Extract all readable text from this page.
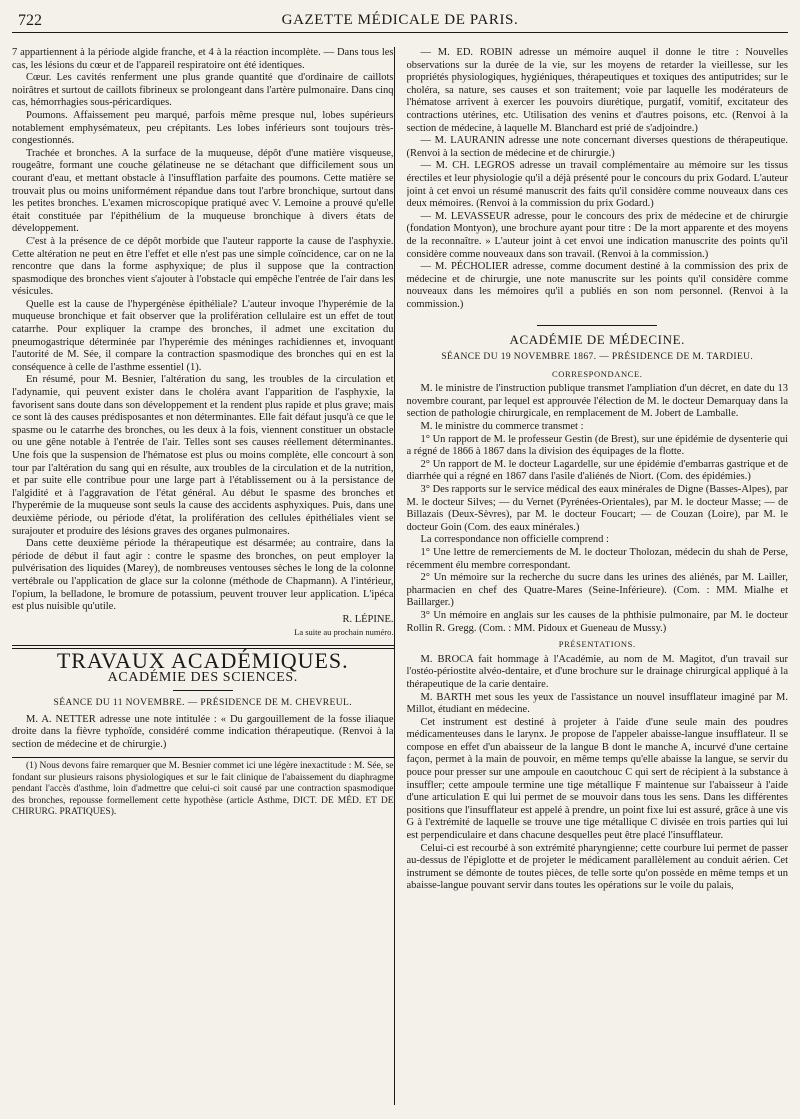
722	GAZETTE MÉDICALE DE PARIS.

7 appartiennent à la période algide franche, et 4 à la réaction incomplète. — Dans tous les cas, les lésions du cœur et de l'appareil respiratoire ont été identiques.

Cœur. Les cavités renferment une plus grande quantité que d'ordinaire de caillots noirâtres et surtout de caillots fibrineux se prolongeant dans l'artère pulmonaire. Dans cinq cas, hémorrhagies sous-péricardiques.

Poumons. Affaissement peu marqué, parfois même presque nul, lobes supérieurs notablement emphysémateux, peu crépitants. Les lobes inférieurs sont toujours très-congestionnés.

Trachée et bronches. A la surface de la muqueuse, dépôt d'une matière visqueuse, rougeâtre, formant une couche gélatineuse ne se détachant que difficilement sous un courant d'eau, et mettant obstacle à l'insufflation parfaite des poumons. Cette matière se trouvait plus ou moins uniformément répandue dans tout l'arbre bronchique, surtout dans les petites bronches. L'examen microscopique pratiqué avec V. Lemoine a prouvé qu'elle était constituée par l'épithélium de la muqueuse bronchique à divers états de développement.

C'est à la présence de ce dépôt morbide que l'auteur rapporte la cause de l'asphyxie. Cette altération ne peut en être l'effet et elle n'est pas une simple coïncidence, car on ne la rencontre que dans la forme asphyxique; de plus il suppose que la contraction spasmodique des bronches vient s'ajouter à l'obstacle qui empêche l'entrée de l'air dans les vésicules.

Quelle est la cause de l'hypergénèse épithéliale? L'auteur invoque l'hyperémie de la muqueuse bronchique et fait observer que la prolifération cellulaire est un effet de tout catarrhe. Pour expliquer la crampe des bronches, il admet une excitation du pneumogastrique déterminée par l'hyperémie des méninges rachidiennes et, invoquant l'autorité de M. Sée, il compare la contraction spasmodique des bronches qui en est la conséquence à celle de l'asthme essentiel (1).

En résumé, pour M. Besnier, l'altération du sang, les troubles de la circulation et l'adynamie, qui peuvent exister dans le choléra avant l'apparition de l'asphyxie, la favorisent sans doute dans son développement et la rendent plus rapide et plus grave; mais ce sont là des causes prédisposantes et non déterminantes. Elle fait défaut jusqu'à ce que le spasme ou le catarrhe des bronches, ou les deux à la fois, viennent constituer un obstacle ou une gêne notable à l'entrée de l'air. Telles sont ses causes réellement déterminantes. Une fois que la suspension de l'hématose est plus ou moins complète, elle concourt à son tour par l'altération du sang qui en résulte, aux troubles de la circulation et de la nutrition, et par suite elle contribue pour une large part à l'établissement ou à la persistance de l'algidité et à l'aggravation de l'état général. Au début le spasme des bronches et l'hyperémie de la muqueuse sont seuls la cause des accidents asphyxiques. Puis, dans une deuxième période, ou période d'état, la prolifération des cellules épithéliales vient se surajouter et produire des lésions graves des organes pulmonaires.

Dans cette deuxième période la thérapeutique est désarmée; au contraire, dans la période de début il faut agir : contre le spasme des bronches, on peut employer la pulvérisation des liquides (Marey), de nombreuses ventouses sèches le long de la colonne vertébrale ou l'application de glace sur la colonne (méthode de Chapmann). A l'intérieur, l'opium, la belladone, le bromure de potassium, peuvent trouver leur application. L'ipéca est plus nuisible qu'utile.

R. LÉPINE.

La suite au prochain numéro.

TRAVAUX ACADÉMIQUES.
ACADÉMIE DES SCIENCES.
SÉANCE DU 11 NOVEMBRE. — PRÉSIDENCE DE M. CHEVREUL.

M. A. NETTER adresse une note intitulée : « Du gargouillement de la fosse iliaque droite dans la fièvre typhoïde, considéré comme indication thérapeutique. (Renvoi à la section de médecine et de chirurgie.)

(1) Nous devons faire remarquer que M. Besnier commet ici une légère inexactitude : M. Sée, se fondant sur plusieurs raisons physiologiques et sur le fait clinique de l'abaissement du diaphragme pendant l'accès d'asthme, loin d'admettre que celui-ci soit causé par une contraction spasmodique des bronches, repousse formellement cette hypothèse (article Asthme, DICT. DE MÉD. ET DE CHIRURG. PRATIQUES).

— M. ED. ROBIN adresse un mémoire auquel il donne le titre : Nouvelles observations sur la durée de la vie, sur les moyens de retarder la vieillesse, sur les propriétés physiologiques, hygiéniques, thérapeutiques et toxiques des antiputrides; sur le choléra, sa nature, ses causes et son traitement; voie par laquelle les modérateurs de l'hématose arrivent à exercer les pouvoirs diurétique, purgatif, vomitif, excitateur des contractions utérines, etc. Utilisation des venins et d'autres poisons, etc. (Renvoi à la section de médecine, à laquelle M. Blanchard est prié de s'adjoindre.)

— M. LAURANIN adresse une note concernant diverses questions de thérapeutique. (Renvoi à la section de médecine et de chirurgie.)

— M. CH. LEGROS adresse un travail complémentaire au mémoire sur les tissus érectiles et leur physiologie qu'il a déjà présenté pour le concours du prix Godard. L'auteur joint à cet envoi un résumé manuscrit des faits qu'il considère comme nouveaux dans ces deux mémoires. (Renvoi à la commission du prix Godard.)

— M. LEVASSEUR adresse, pour le concours des prix de médecine et de chirurgie (fondation Montyon), une brochure ayant pour titre : De la mort apparente et des moyens de la reconnaître. » L'auteur joint à cet envoi une indication manuscrite des points qu'il considère comme nouveaux dans son travail. (Renvoi à la commission.)

— M. PÉCHOLIER adresse, comme document destiné à la commission des prix de médecine et de chirurgie, une note manuscrite sur les points qu'il considère comme nouveaux dans les mémoires qu'il a publiés en son nom personnel. (Renvoi à la commission.)

ACADÉMIE DE MÉDECINE.
SÉANCE DU 19 NOVEMBRE 1867. — PRÉSIDENCE DE M. TARDIEU.
CORRESPONDANCE.

M. le ministre de l'instruction publique transmet l'ampliation d'un décret, en date du 13 novembre courant, par lequel est approuvée l'élection de M. le docteur Demarquay dans la section de pathologie chirurgicale, en remplacement de M. Jobert de Lamballe.

M. le ministre du commerce transmet :

1° Un rapport de M. le professeur Gestin (de Brest), sur une épidémie de dysenterie qui a régné de 1866 à 1867 dans la division des équipages de la flotte.

2° Un rapport de M. le docteur Lagardelle, sur une épidémie d'embarras gastrique et de diarrhée qui a régné en 1867 dans l'asile d'aliénés de Niort. (Com. des épidémies.)

3° Des rapports sur le service médical des eaux minérales de Digne (Basses-Alpes), par M. le docteur Silves; — du Vernet (Pyrénées-Orientales), par M. le docteur Masse; — de Billazais (Deux-Sèvres), par M. le docteur Foucart; — de Couzan (Loire), par M. le docteur Goin (Com. des eaux minérales.)

La correspondance non officielle comprend :

1° Une lettre de remerciements de M. le docteur Tholozan, médecin du shah de Perse, récemment élu membre correspondant.

2° Un mémoire sur la recherche du sucre dans les urines des aliénés, par M. Lailler, pharmacien en chef des Quatre-Mares (Seine-Inférieure). (Com. : MM. Mialhe et Baillarger.)

3° Un mémoire en anglais sur les causes de la phthisie pulmonaire, par M. le docteur Rollin R. Gregg. (Com. : MM. Pidoux et Gueneau de Mussy.)

PRÉSENTATIONS.

M. BROCA fait hommage à l'Académie, au nom de M. Magitot, d'un travail sur l'ostéo-périostite alvéo-dentaire, et d'une brochure sur le drainage chirurgical appliqué à la thérapeutique de la carie dentaire.

M. BARTH met sous les yeux de l'assistance un nouvel insufflateur imaginé par M. Millot, étudiant en médecine.

Cet instrument est destiné à projeter à l'aide d'une seule main des poudres médicamenteuses dans le larynx. Je propose de l'appeler abaisse-langue insufflateur. Il se compose en effet d'un abaisseur de la langue B dont le manche A, incurvé d'une certaine façon, permet à la main de pouvoir, en même temps qu'elle abaisse la langue, se servir du pouce pour presser sur une ampoule en caoutchouc C qui sert de récipient à la substance à insuffler; cette ampoule termine une tige métallique F maintenue sur l'abaisseur à l'aide d'une articulation E qui lui permet de se mouvoir dans tous les sens. Dans les différentes positions que l'insufflateur est appelé à prendre, un point fixe lui est assuré, grâce à une vis G à l'extrémité de laquelle se trouve une tige métallique C divisée en trois parties qui lui est perpendiculaire et dans chacune desquelles peut être placé l'insufflateur.

Celui-ci est recourbé à son extrémité pharyngienne; cette courbure lui permet de passer au-dessus de l'épiglotte et de projeter le médicament parallèlement au conduit aérien. Cet instrument se démonte de toutes pièces, de telle sorte qu'on possède en même temps et un abaisse-langue pouvant servir dans toutes les opérations sur le voile du palais,
